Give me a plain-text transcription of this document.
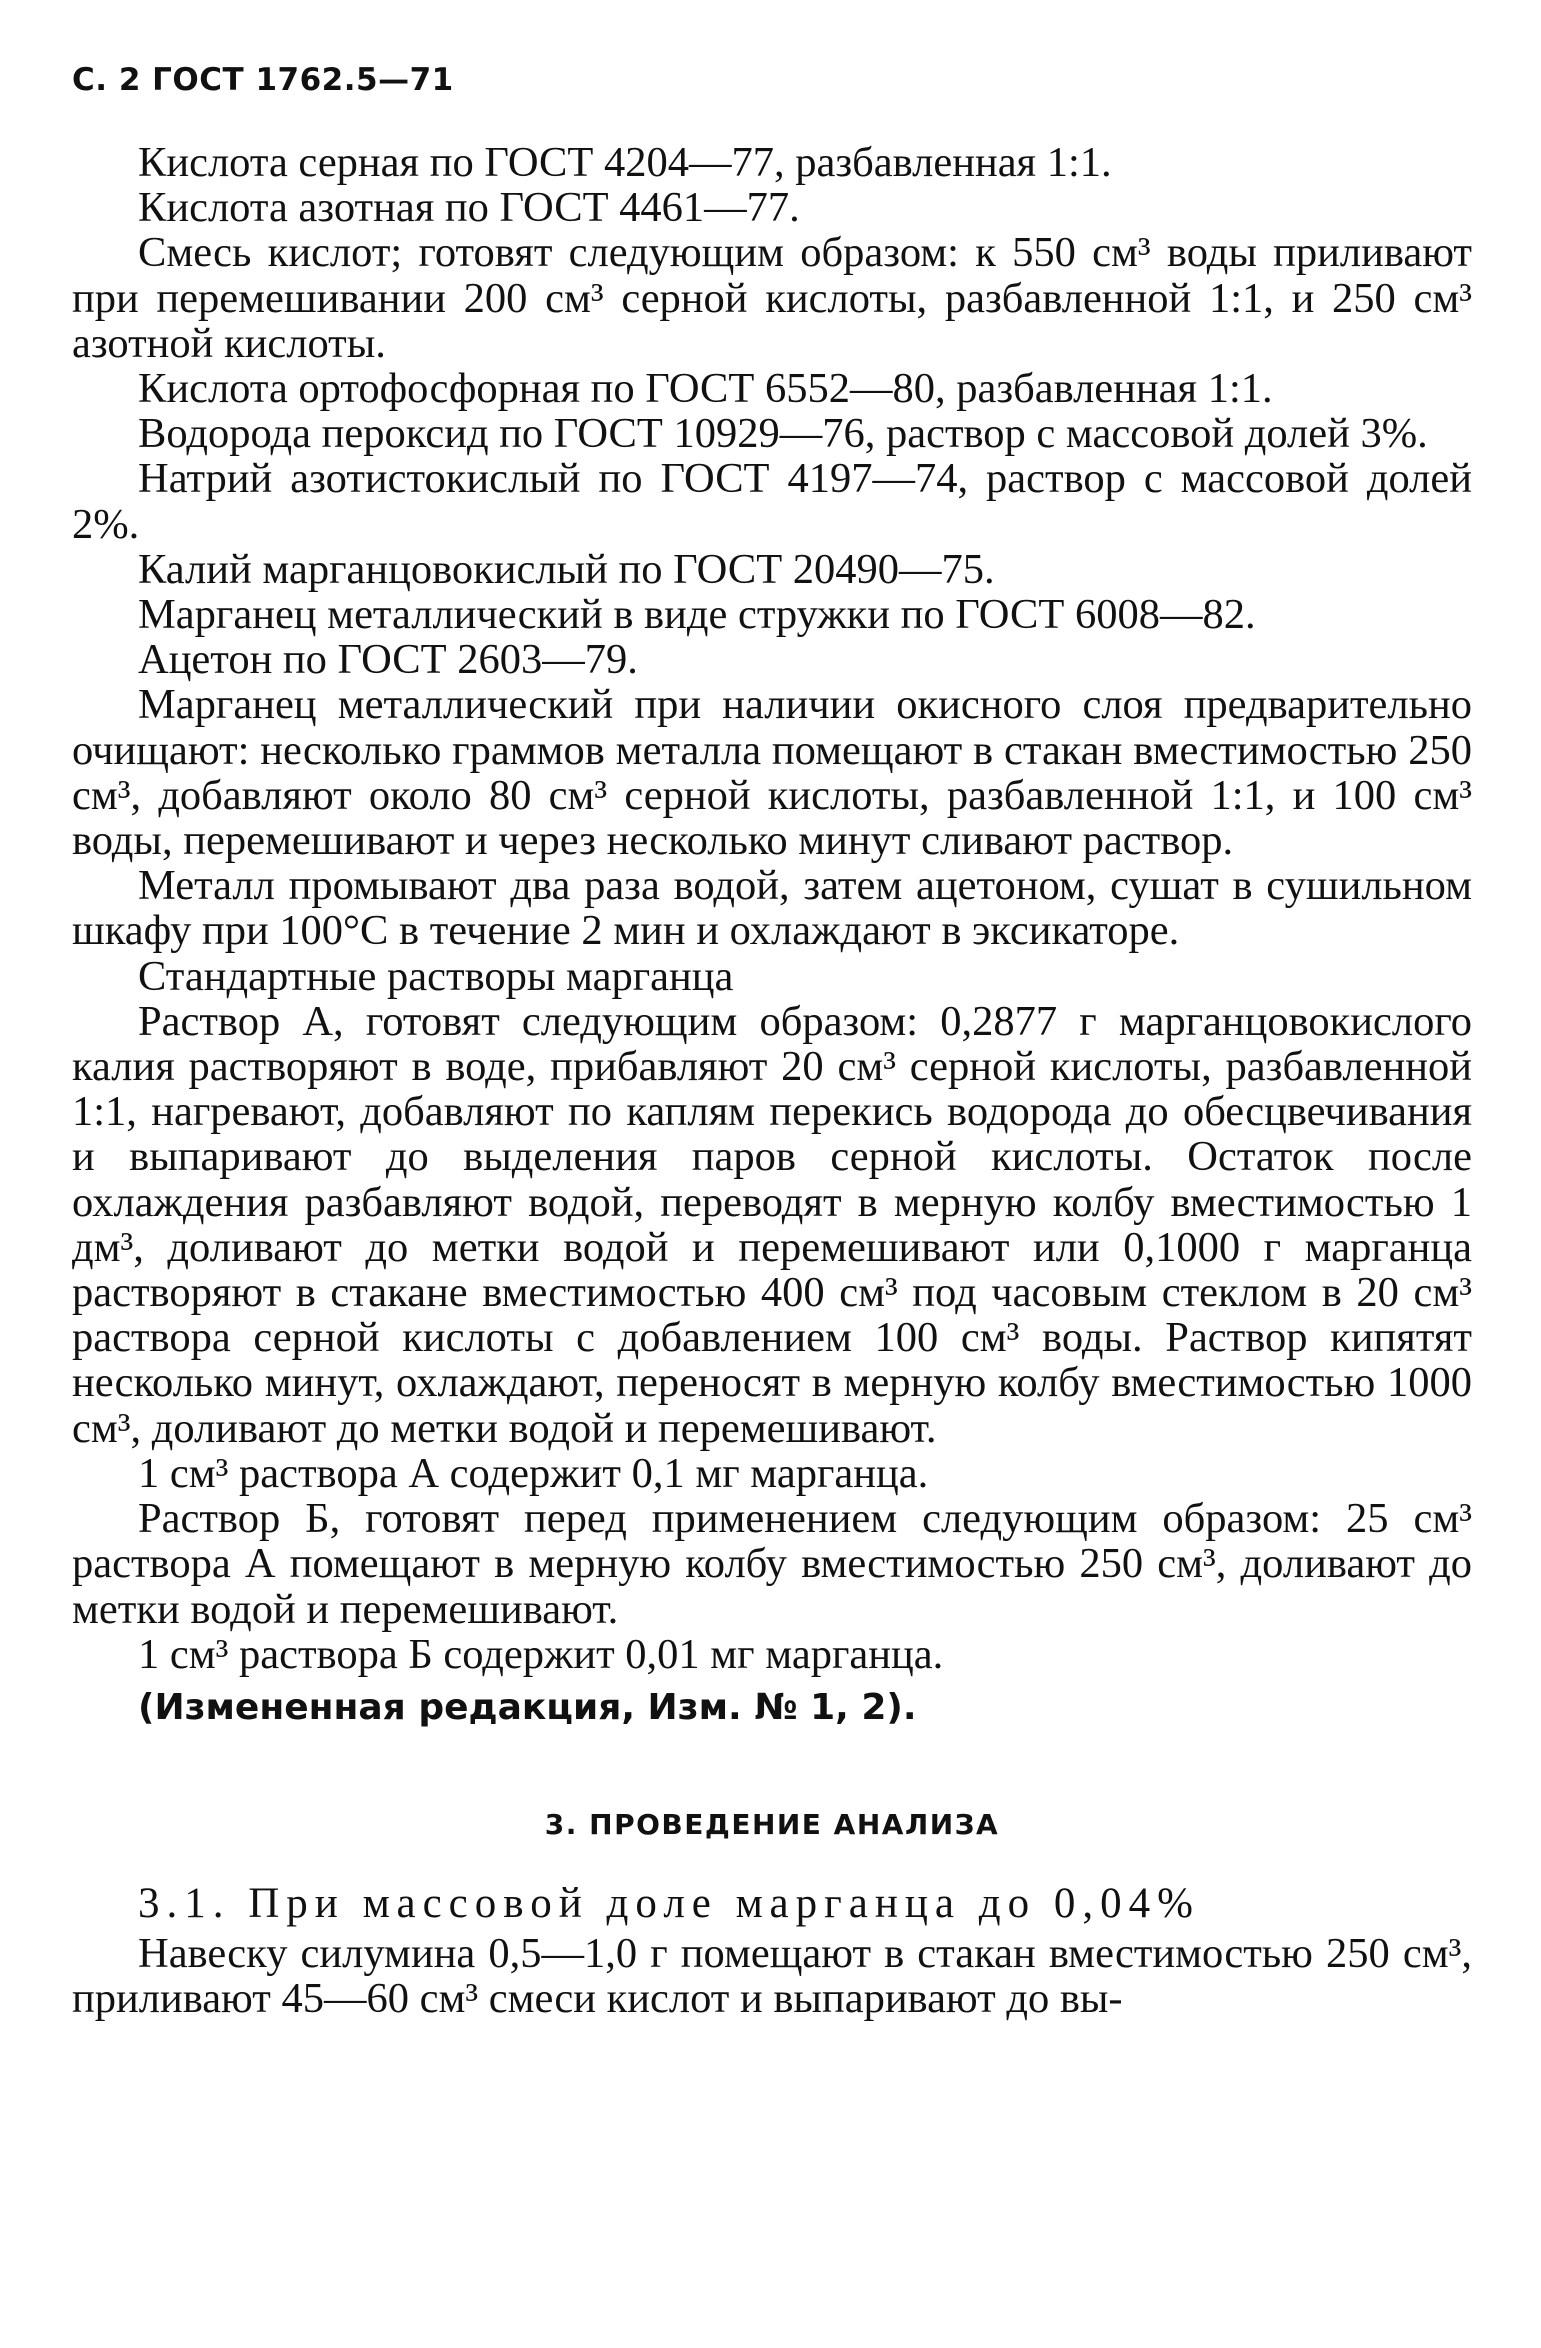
С. 2 ГОСТ 1762.5—71

Кислота серная по ГОСТ 4204—77, разбавленная 1:1.

Кислота азотная по ГОСТ 4461—77.

Смесь кислот; готовят следующим образом: к 550 см³ воды приливают при перемешивании 200 см³ серной кислоты, разбавленной 1:1, и 250 см³ азотной кислоты.

Кислота ортофосфорная по ГОСТ 6552—80, разбавленная 1:1.

Водорода пероксид по ГОСТ 10929—76, раствор с массовой долей 3%.

Натрий азотистокислый по ГОСТ 4197—74, раствор с массовой долей 2%.

Калий марганцовокислый по ГОСТ 20490—75.

Марганец металлический в виде стружки по ГОСТ 6008—82.

Ацетон по ГОСТ 2603—79.

Марганец металлический при наличии окисного слоя предварительно очищают: несколько граммов металла помещают в стакан вместимостью 250 см³, добавляют около 80 см³ серной кислоты, разбавленной 1:1, и 100 см³ воды, перемешивают и через несколько минут сливают раствор.

Металл промывают два раза водой, затем ацетоном, сушат в сушильном шкафу при 100°С в течение 2 мин и охлаждают в эксикаторе.

Стандартные растворы марганца

Раствор А, готовят следующим образом: 0,2877 г марганцовокислого калия растворяют в воде, прибавляют 20 см³ серной кислоты, разбавленной 1:1, нагревают, добавляют по каплям перекись водорода до обесцвечивания и выпаривают до выделения паров серной кислоты. Остаток после охлаждения разбавляют водой, переводят в мерную колбу вместимостью 1 дм³, доливают до метки водой и перемешивают или 0,1000 г марганца растворяют в стакане вместимостью 400 см³ под часовым стеклом в 20 см³ раствора серной кислоты с добавлением 100 см³ воды. Раствор кипятят несколько минут, охлаждают, переносят в мерную колбу вместимостью 1000 см³, доливают до метки водой и перемешивают.

1 см³ раствора А содержит 0,1 мг марганца.

Раствор Б, готовят перед применением следующим образом: 25 см³ раствора А помещают в мерную колбу вместимостью 250 см³, доливают до метки водой и перемешивают.

1 см³ раствора Б содержит 0,01 мг марганца.

(Измененная редакция, Изм. № 1, 2).

3. ПРОВЕДЕНИЕ АНАЛИЗА

3.1. При массовой доле марганца до 0,04%

Навеску силумина 0,5—1,0 г помещают в стакан вместимостью 250 см³, приливают 45—60 см³ смеси кислот и выпаривают до вы-
